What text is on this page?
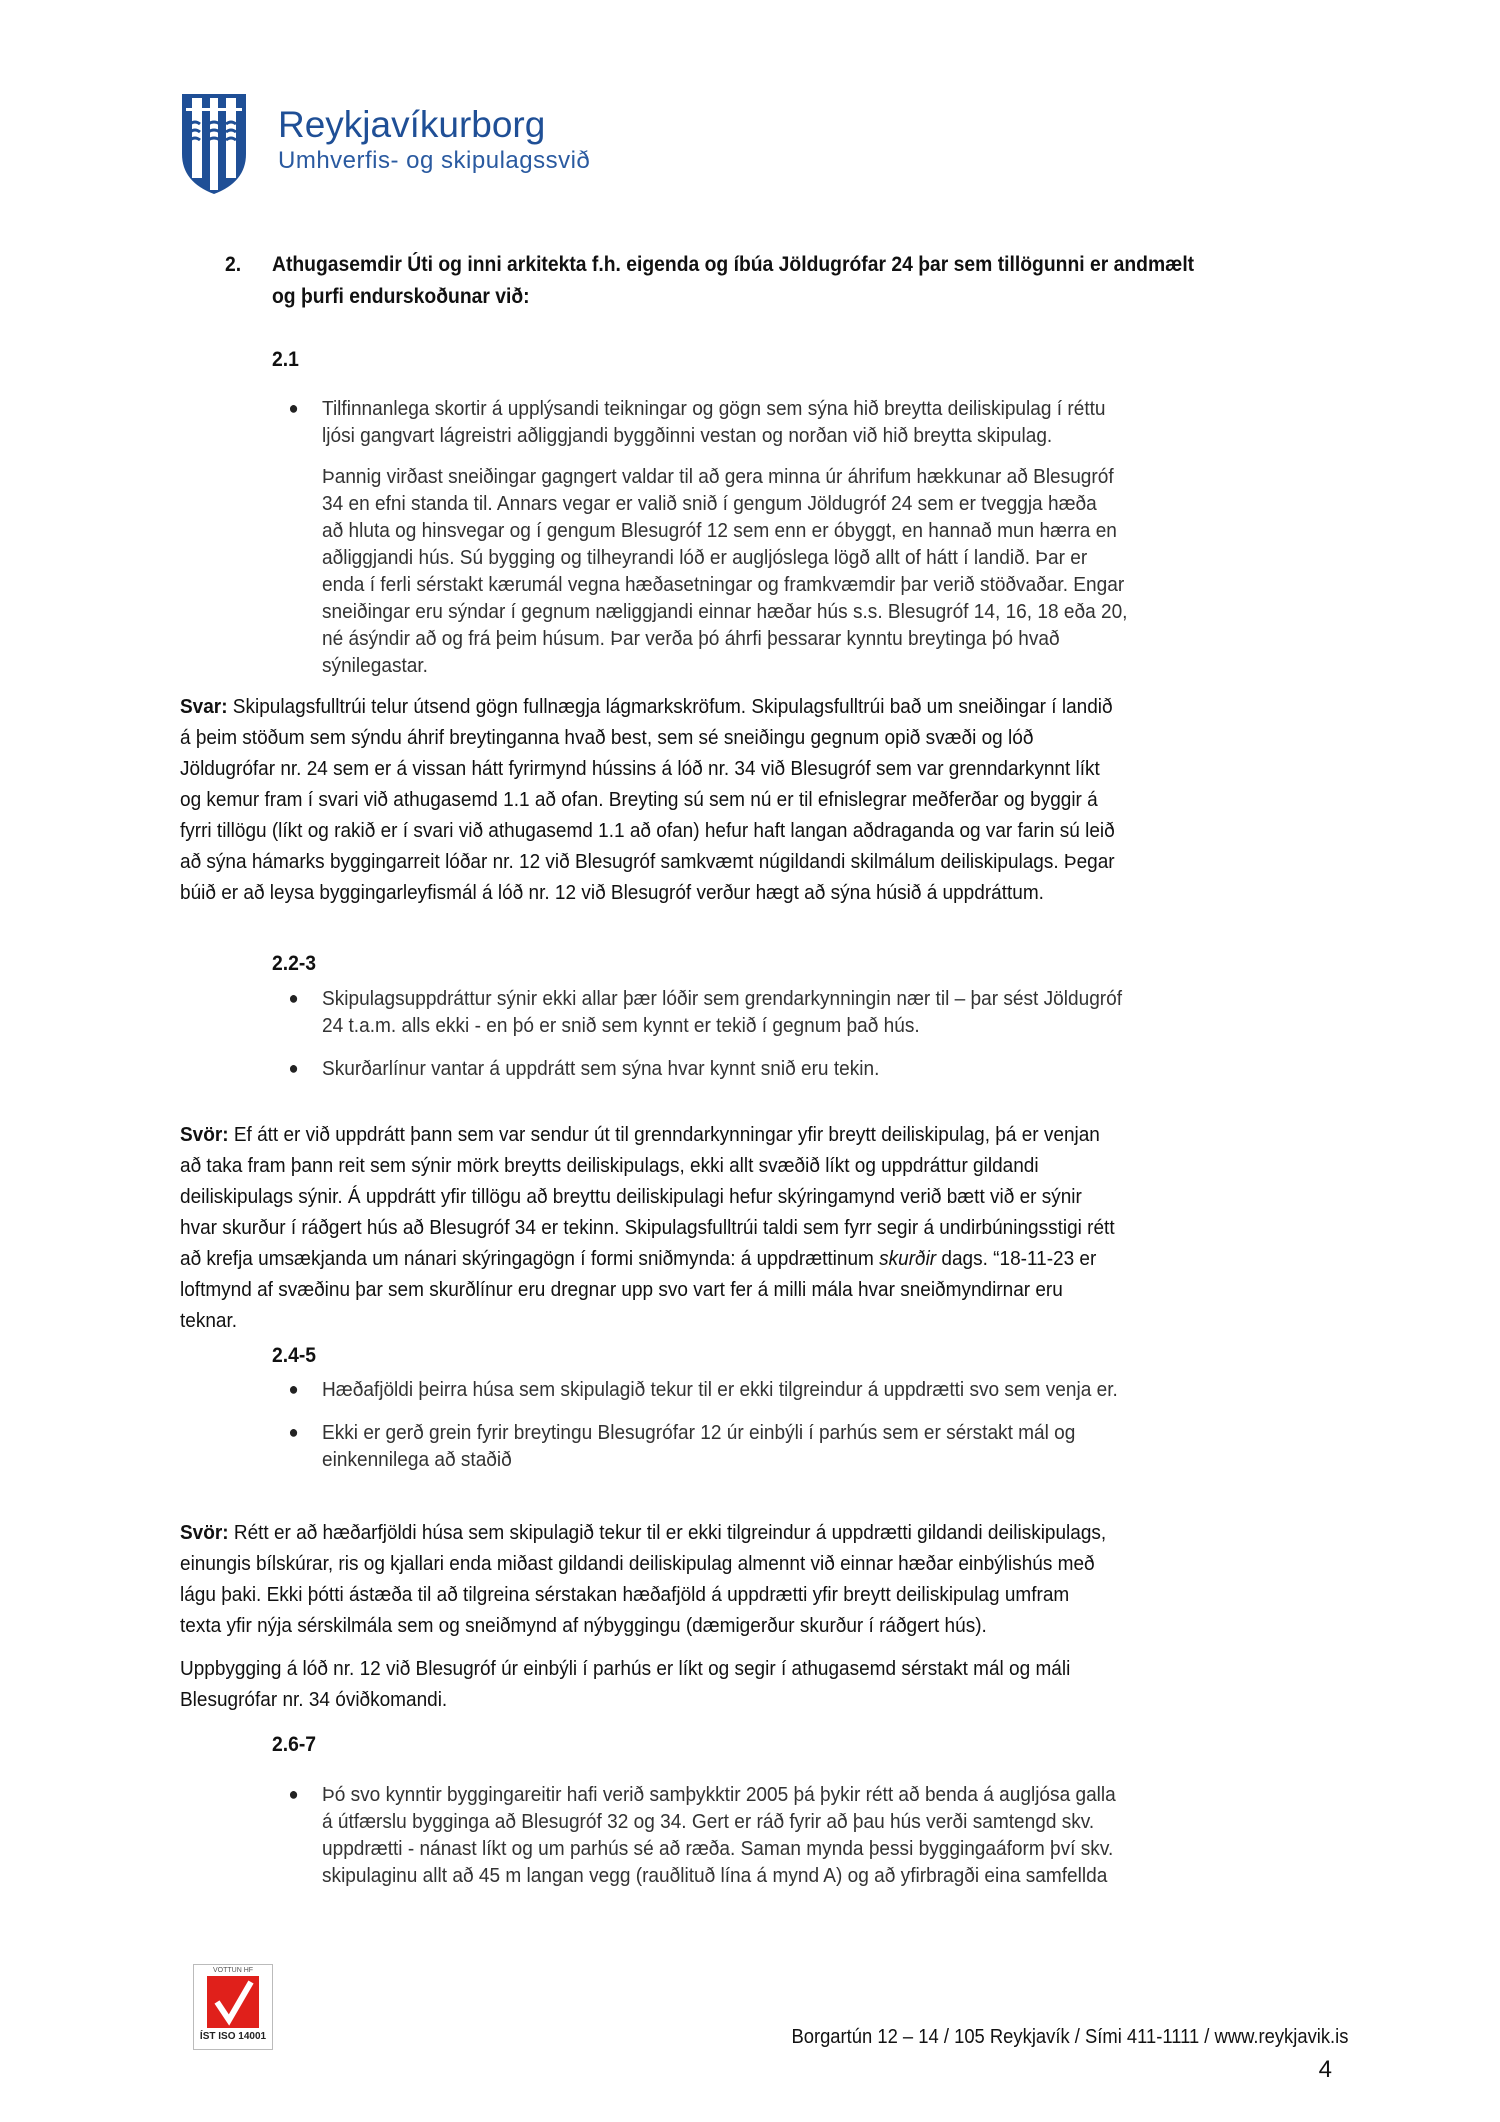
Reykjavíkurborg
Umhverfis- og skipulagssvið
2. Athugasemdir Úti og inni arkitekta f.h. eigenda og íbúa Jöldugrófar 24 þar sem tillögunni er andmælt
og þurfi endurskoðunar við:
2.1
● Tilfinnanlega skortir á upplýsandi teikningar og gögn sem sýna hið breytta deiliskipulag í réttu
ljósi gangvart lágreistri aðliggjandi byggðinni vestan og norðan við hið breytta skipulag.
Þannig virðast sneiðingar gagngert valdar til að gera minna úr áhrifum hækkunar að Blesugróf
34 en efni standa til. Annars vegar er valið snið í gengum Jöldugróf 24 sem er tveggja hæða
að hluta og hinsvegar og í gengum Blesugróf 12 sem enn er óbyggt, en hannað mun hærra en
aðliggjandi hús. Sú bygging og tilheyrandi lóð er augljóslega lögð allt of hátt í landið. Þar er
enda í ferli sérstakt kærumál vegna hæðasetningar og framkvæmdir þar verið stöðvaðar. Engar
sneiðingar eru sýndar í gegnum næliggjandi einnar hæðar hús s.s. Blesugróf 14, 16, 18 eða 20,
né ásýndir að og frá þeim húsum. Þar verða þó áhrfi þessarar kynntu breytinga þó hvað
sýnilegastar.
Svar: Skipulagsfulltrúi telur útsend gögn fullnægja lágmarkskröfum. Skipulagsfulltrúi bað um sneiðingar í landið
á þeim stöðum sem sýndu áhrif breytinganna hvað best, sem sé sneiðingu gegnum opið svæði og lóð
Jöldugrófar nr. 24 sem er á vissan hátt fyrirmynd hússins á lóð nr. 34 við Blesugróf sem var grenndarkynnt líkt
og kemur fram í svari við athugasemd 1.1 að ofan. Breyting sú sem nú er til efnislegrar meðferðar og byggir á
fyrri tillögu (líkt og rakið er í svari við athugasemd 1.1 að ofan) hefur haft langan aðdraganda og var farin sú leið
að sýna hámarks byggingarreit lóðar nr. 12 við Blesugróf samkvæmt núgildandi skilmálum deiliskipulags. Þegar
búið er að leysa byggingarleyfismál á lóð nr. 12 við Blesugróf verður hægt að sýna húsið á uppdráttum.
2.2-3
● Skipulagsuppdráttur sýnir ekki allar þær lóðir sem grendarkynningin nær til – þar sést Jöldugróf
24 t.a.m. alls ekki - en þó er snið sem kynnt er tekið í gegnum það hús.
● Skurðarlínur vantar á uppdrátt sem sýna hvar kynnt snið eru tekin.
Svör: Ef átt er við uppdrátt þann sem var sendur út til grenndarkynningar yfir breytt deiliskipulag, þá er venjan
að taka fram þann reit sem sýnir mörk breytts deiliskipulags, ekki allt svæðið líkt og uppdráttur gildandi
deiliskipulags sýnir. Á uppdrátt yfir tillögu að breyttu deiliskipulagi hefur skýringamynd verið bætt við er sýnir
hvar skurður í ráðgert hús að Blesugróf 34 er tekinn. Skipulagsfulltrúi taldi sem fyrr segir á undirbúningsstigi rétt
að krefja umsækjanda um nánari skýringagögn í formi sniðmynda: á uppdrættinum skurðir dags. “18-11-23 er
loftmynd af svæðinu þar sem skurðlínur eru dregnar upp svo vart fer á milli mála hvar sneiðmyndirnar eru
teknar.
2.4-5
● Hæðafjöldi þeirra húsa sem skipulagið tekur til er ekki tilgreindur á uppdrætti svo sem venja er.
● Ekki er gerð grein fyrir breytingu Blesugrófar 12 úr einbýli í parhús sem er sérstakt mál og
einkennilega að staðið
Svör: Rétt er að hæðarfjöldi húsa sem skipulagið tekur til er ekki tilgreindur á uppdrætti gildandi deiliskipulags,
einungis bílskúrar, ris og kjallari enda miðast gildandi deiliskipulag almennt við einnar hæðar einbýlishús með
lágu þaki. Ekki þótti ástæða til að tilgreina sérstakan hæðafjöld á uppdrætti yfir breytt deiliskipulag umfram
texta yfir nýja sérskilmála sem og sneiðmynd af nýbyggingu (dæmigerður skurður í ráðgert hús).
Uppbygging á lóð nr. 12 við Blesugróf úr einbýli í parhús er líkt og segir í athugasemd sérstakt mál og máli
Blesugrófar nr. 34 óviðkomandi.
2.6-7
● Þó svo kynntir byggingareitir hafi verið samþykktir 2005 þá þykir rétt að benda á augljósa galla
á útfærslu bygginga að Blesugróf 32 og 34. Gert er ráð fyrir að þau hús verði samtengd skv.
uppdrætti - nánast líkt og um parhús sé að ræða. Saman mynda þessi byggingaáform því skv.
skipulaginu allt að 45 m langan vegg (rauðlituð lína á mynd A) og að yfirbragði eina samfellda
VOTTUN HF
ÍST ISO 14001	Borgartún 12 – 14 / 105 Reykjavík / Sími 411-1111 / www.reykjavik.is
4
